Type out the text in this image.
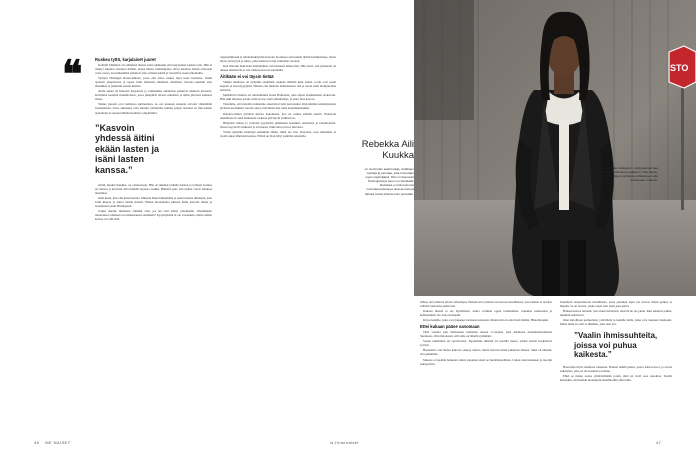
❝	Ruskea tyttö, karjalaiset juuret

Isoäitini Mahmud oli elämänsä aikana sekä taksikuski että karjalainen kuskin tytär. Hän ei tiennyt sukunsa taustasta mitään, koska hänen vanhempansa olivat kuolleet hänen ollessaan vasta vauva. Isovanhemmat puhuivat aina erilaisia kieliä ja vierailivat usein ulkomailla.

Syntyin Helsingin Rastoolahteen, jossa olin ainoa ruskea lapsi koko koulussa. Äitini opiskeli yliopistossa ja tapasi isäni Ghanasta lähtöisen taiteilijan. Kotona kuultiin aina musiikkia ja puhuttiin useilla kielillä.

Äitini sukua on Itäisestä Karjalasta ja vanhemmat sukulaiset puhuivat edelleen murretta. Kävimme kesäisin mummolassa, jossa pihapiirin aitassa nukuttiin ja uitiin järvessä aamusta iltaan.

Vaikka juureni ovat kahdessa kulttuurissa, en ole koskaan kokenut olevani vähemmän suomalainen. Vasta aikuisena olen alkanut ymmärtää, kuinka paljon taustani on muovannut ajatteluani ja tapaani nähdä maailmaa ympärilläni.

”Kasvoin yhdessä äitini ekään lasten ja isäni lasten kanssa.”

Aitini, Raakel Kuukka, on valokuvaaja. Hän on tutkinut pitkään naisten ja tyttöjen asemaa eri maissa ja kertonut siitä minulle lapsesta saakka. Häneltä opin, että tarinat voivat muuttaa maailmaa.

Isäni kuoli, kun olin kuusivuotias. Muistan hänet lämpimänä ja nauravaisena ihmisenä, joka soitti kitaraa ja lauloi meille iltaisin. Hänen kuolemansa jälkeen äitini kasvatti minut ja sisarukseni yksin Helsingissä.

Joskus mietin, millainen elämäni olisi, jos isä olisi elänyt pidempään. Olisimmeko muuttaneet Ghanaan tai matkustaneet enemmän? Kysymyksiin ei ole vastauksia, mutta niiden kanssa voi silti elää.

ruppiseilimaani ja alkoholinkäyttöä nuorena. Koulussa sain kuulla ikäviä kommentteja, mutta myös ystävyyttä ja tukea, jotka kantoivat läpi vaikeiden vuosien.

Kun ilmoitin haluavani näyttelijäksi, äiti kannusti minua heti. Hän sanoi, että jokaisella on oikeus unelmoida ja että rohkeus kasvaa tekemällä.

Äitikään ei voi täysin tietää

Vaikka mediassa on nykyään enemmän ruskeita ihmisiä kuin ennen, roolit ovat usein kapeita ja stereotyyppisiä. Haluan olla mukana muuttamassa sitä ja tuoda esiin monipuolisia tarinoita.

Merkittävä muutos oli tutustuminen Koku Hahuraan, joka ohjasi ensimmäisen elokuvani. Hän näki minussa jotain, mitä en itse vielä ymmärtänyt, ja antoi tilaa kasvaa.

Tiesimme, että meidän tarinamme ansaitsivat tulla kerrotuiksi. Kirjoitimme käsikirjoitusta yhdessä useamman vuoden ajan ja kävimme läpi omia kokemuksiamme.

Randow-ilmiöt yrittävät kuvata kokemusta, jota on vaikea selittää sanoin. Elokuvan tekeminen oli sekä henkisesti raskasta että hyvin palkitsevaa.

Hiljattain minua ja ystäväni pyydettiin puhumaan kouluille rasismista ja identiteetistä. Nuoret kysyivät rohkeasti ja avoimesti, mikä antoi toivoa tulevasta.

Yritän nykyään keskittyä enemmän siihen, mikä tuo iloa. Kirjoitan, teen musiikkia ja vietän aikaa läheisten kanssa. Elämä on liian lyhyt pelkälle taistelulle.

46 ME NAISET
STO
Rebekka Aili Kuukka
on viestinnän asiantuntija, sisältöjen tuottaja ja juontaja, joka tunnetaan myös näyttelijänä. Hän on kasvanut Helsingissä ja asuu nyt Vantaalla. Rebekka on kiinnostunut moninaisuudesta ja tasa-arvosta ja haluaa tuoda aiheita esiin työssään.
Rebekalle tärkeää on, että jokainen saa kokea kuuluvansa joukkoon. Hän toivoo, että hänen tarinansa rohkaisee muita kertomaan omansa.

siihen, että yhdessä ollaan vahvempia. Haluan että tyttäreni saa kasvaa maailmassa, jossa hänen ei tarvitse selittää taustaansa jatkuvasti.

Kukaan meistä ei ole täydellinen, mutta voimme oppia toisiltamme. Jokainen keskustelu ja kohtaaminen vie asiaa eteenpäin.

Kiitos kaikille, jotka ovat jakaneet tarinansa kanssani. Ilman teitä en olisi tässä tänään, Hästelluttekin.

Ettei kukaan pääse sanomaan

Tänä vuonna sain tilaisuuden osallistua uuteen tv-sarjaan, joka käsittelee monikulttuurisuutta Suomessa. Olin innoissani, sillä aihe on lähellä sydäntäni.

Sarjan tekeminen oli opettavaista. Tapasimme ihmisiä eri puolilta maata, joiden tarinat koskettivat syvästi.

Huomasin, että monet kokevat samoja asioita, mutta harvoin niistä puhutaan ääneen. Siksi on tärkeää, että puhumme.

Muutos ei tapahdu hetkessä, mutta jokainen askel on merkityksellinen. Uskon tulevaisuuteen ja nuoriin sukupolviin.

Unelmoin tasapuolisesta maailmasta, jossa jokainen lapsi saa kasvaa ilman pelkoa ja häpeää. Se on tavoite, jonka eteen teen työtä joka päivä.

Halusin kertoa tarinani, jotta muut tietäisivät, etteivät he ole yksin. Kun uskaltaa puhua, muutkin uskaltavat.

Olen kiitollinen perheelleni, ystävilleni ja kaikille niille, jotka ovat tukeneet matkaani. Ilman heitä en olisi se ihminen, joka olen nyt.

”Vaalin ihmissuhteita, joissa voi puhua kaikesta.”

Haaveilen myös matkasta Ghanaan. Haluan nähdä paikat, joissa isäni kasvoi, ja tavata sukulaisia, joita en ole koskaan tavannut.

Ehkä se matka auttaa ymmärtämään jotain, mitä en vielä osaa sanoittaa. Tiedän kuitenkin, että kuulun molempiin maailmoihin yhtä lailla.

is.fi/menaiset	47
